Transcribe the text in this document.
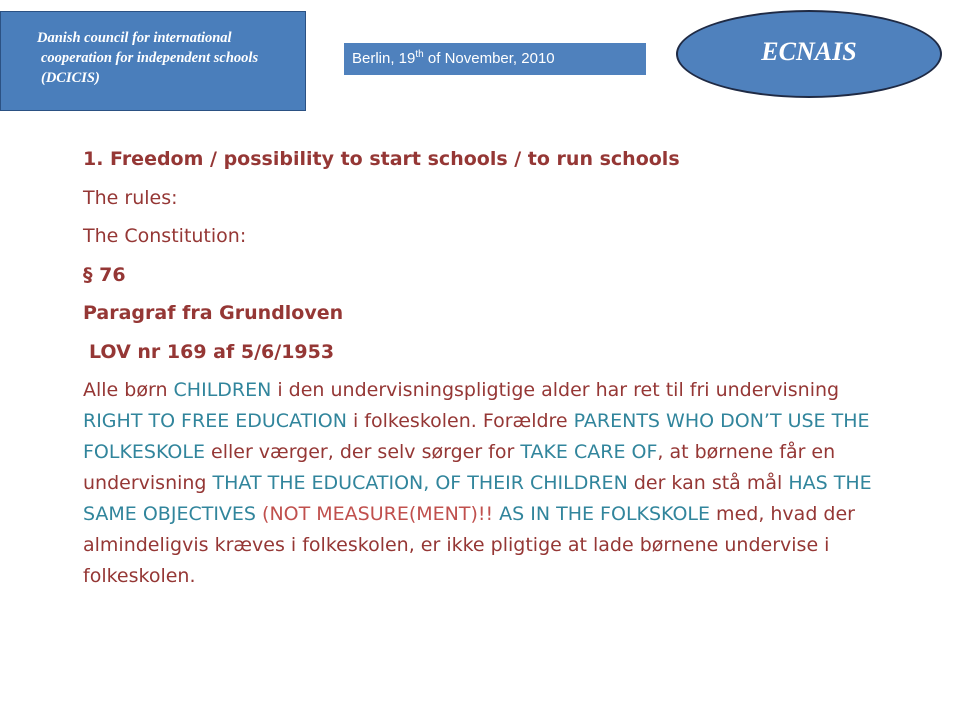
Danish council for international
cooperation for independent schools
(DCICIS)
Berlin, 19th of November, 2010	ECNAIS
1. Freedom / possibility to start schools / to run schools
The rules:
The Constitution:
§ 76
Paragraf fra Grundloven
LOV nr 169 af 5/6/1953
Alle børn CHILDREN i den undervisningspligtige alder har ret til fri undervisning RIGHT TO FREE EDUCATION i folkeskolen. Forældre PARENTS WHO DON’T USE THE FOLKESKOLE eller værger, der selv sørger for TAKE CARE OF, at børnene får en undervisning THAT THE EDUCATION, OF THEIR CHILDREN der kan stå mål HAS THE SAME OBJECTIVES (NOT MEASURE(MENT)!! AS IN THE FOLKSKOLE med, hvad der almindeligvis kræves i folkeskolen, er ikke pligtige at lade børnene undervise i folkeskolen.
